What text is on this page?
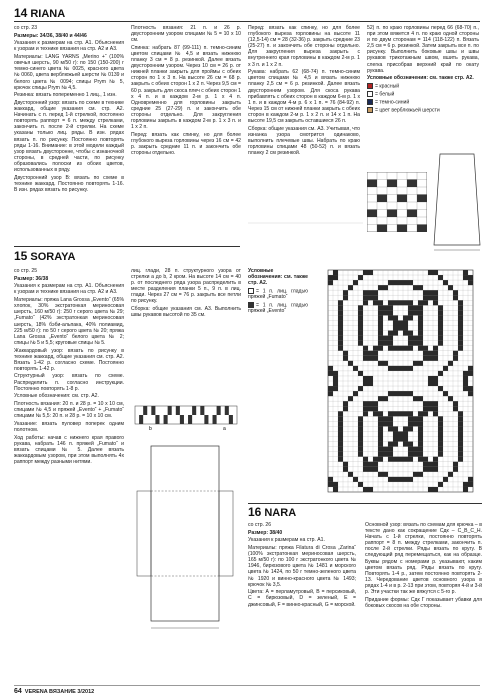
14 RIANA

со стр. 23

Размеры: 34/36, 38/40 и 44/46

Указания к размерам на стр. А1. Объяснения к узорам и технике вязания на стр. А2 и А3.

Материалы: LANG YARNS „Merino +“ (100% овечья шерсть, 90 м/50 г): по 150 (150-200) г темно-синего цвета № 0025, красного цвета № 0060, цвета верблюжьей шерсти № 0139 и белого цвета № 0094; спицы Prym № 5, крючок спицы Prym № 4,5.

Резинка: вязать попеременно 1 лиц., 1 изн.

Двусторонний узор: вязать по схеме в технике жаккард, общие указания см. стр. А2. Начинать с п. перед 1-й стрелкой, постоянно повторять раппорт = 6 п. между стрелками, закончить п. после 2-й стрелки. На схеме указаны только лиц. ряды. В изн. рядах вязать п. по рисунку. Постоянно повторять ряды 1-16. Внимание: в этой модели каждый узор вязать двусторонне, чтобы с изнаночной стороны, в средней части, по рисунку образовались полоски из обоих цветов, использованных в ряду.

Двусторонний узор В: вязать по схеме в технике жаккард. Постоянно повторять 1-16. В изн. рядах вязать по рисунку.

Плотность вязания: 21 п. и 26 р. двусторонним узором спицами № 5 = 10 х 10 см.

Спинка: набрать 87 (99-111) п. темно-синим цветом спицами № 4,5 и вязать нижнюю планку 3 см = 8 р. резинкой. Далее вязать двусторонним узором. Через 10 см = 26 р. от нижней планки закрыть для проймы с обеих сторон по 1 х 3 п. На высоте 26 см = 68 р. закрыть с обеих сторон 1 х 2 п. Через 9,5 см = 60 р. закрыть для скоса плеч с обеих сторон 1 х 4 п. и в каждом 2-м р. 1 х 4 п. Одновременно для горловины закрыть средние 25 (27-29) п. и закончить обе стороны отдельно. Для закругления горловины закрыть в каждом 2-м р. 1 х 3 п. и 1 х 2 п.

Перед: вязать как спинку, но для более глубокого выреза горловины через 16 см = 42 р. закрыть средние 11 п. и закончить обе стороны отдельно.

Перед: вязать как спинку, но для более глубокого выреза горловины на высоте 11 (12,5-14) см = 28 (32-36) р. закрыть средние 23 (25-27) п. и закончить обе стороны отдельно. Для закругления выреза закрыть с внутреннего края горловины в каждом 2-м р. 1 х 3 п. и 1 х 2 п.

Рукава: набрать 62 (68-74) п. темно-синим цветом спицами № 4,5 и вязать нижнюю планку 2,5 см = 6 р. резинкой. Далее вязать двусторонним узором. Для скоса рукава прибавлять с обеих сторон в каждом 6-м р. 1 х 1 п. и в каждом 4-м р. 6 х 1 п. = 76 (84-92) п. Через 15 см от нижней планки закрыть с обеих сторон в каждом 2-м р. 1 х 2 п. и 14 х 1 п. На высоте 19,5 см закрыть оставшиеся 26 п.

Сборка: общие указания см. А3. Учитывая, что изнанка узора смотрится одинаково, выполнить плечевые швы. Набрать по краю горловины спицами 48 (50-52) п. и вязать планку 2 см резинкой.

52) п. по краю горловины перед 66 (68-70) п., при этом вяжется 4 п. по краю одной стороны и по двум сторонам = 114 (118-122) п. Вязать 2,5 см = 6 р. резинкой. Затем закрыть все п. по рисунку. Выполнить боковые швы и швы рукавов трикотажным швом, вшить рукава, слегка присобрав верхний край по окату рукава.

Условные обозначения: см. также стр. А2.

= красный

= белый

= темно-синий

= цвет верблюжьей шерсти

15 SORAYA

со стр. 25

Размер: 36/38

Указания к размерам на стр. А1. Объяснения к узорам и технике вязания на стр. А2 и А3.

Материалы: пряжа Lana Grossa „Evento“ (65% хлопок, 30% экстратонкая мериносовая шерсть, 160 м/50 г): 250 г серого цвета № 29; „Fumato“ (42% экстратонкая мериносовая шерсть, 18% бэби-альпака, 40% полиамид, 225 м/50 г): по 50 г серого цвета № 20; пряжа Lana Grossa „Evento“ белого цвета № 2; спицы № 5 и 5,5; круговые спицы № 5.

Жаккардовый узор: вязать по рисунку в технике жаккард, общие указания см. стр. А2. Вязать 1-42 р. согласно схеме. Постоянно повторять 1-42 р.

Структурный узор: вязать по схеме. Распределить п. согласно инструкции. Постоянно повторять 1-8 р.

Условные обозначения: см. стр. А2.

Плотность вязания: 20 п. и 28 р. = 10 х 10 см, спицами № 4,5 и пряжей „Evento“ + „Fumato“ спицами № 5,5: 20 п. и 28 р. = 10 х 10 см.

Указание: вязать пуловер поперек одним полотном.

Ход работы: начав с нижнего края правого рукава, набрать 146 п. пряжей „Fumato“ и вязать спицами № 5. Далее вязать жаккардовым узором, при этом выполнять 4х раппорт между разными нитями.

лиц. глади, 28 п. структурного узора от стрелки а до b, 2 кром. На высоте 14 см = 40 р. от последнего ряда узора распределить в месте разделения планки 5 п., 9 п. в лиц. глади. Через 27 см = 76 р. закрыть все петли по рисунку.

Сборка: общие указания см. А3. Выполнить швы рукавов высотой по 35 см.

Условные обозначения: см. также стр. А2.

= 1 п. лиц. гладью пряжей „Fumato“

= 1 п. лиц. гладью пряжей „Evento“

b	a
16 NARA

со стр. 26

Размер: 38/40

Указания к размерам на стр. А1.

Материалы: пряжа Filatura di Crosa „Zarina“ (100% экстратонкая мериносовая шерсть, 165 м/50 г): по 100 г экстратонкого цвета № 1946, бирюзового цвета № 1481 и морского цвета № 1424, по 50 г темно-зеленого цвета № 1920 и винно-красного цвета № 1493; крючок № 3,5.

Цвета: А = перламутровый, В = персиковый, С = бирюзовый, D = зеленый, Е = джинсовый, F = винно-красный, G = морской.

Основной узор: вязать по схемам для крючка – в тексте дано как сокращение Сдк – С_В_С_Н. Начать с 1-й стрелки, постоянно повторять раппорт = 8 п. между стрелками, закончить п. после 2-й стрелки. Ряды вязать по кругу. В следующий ряд перемещаться, как на образце. Буквы рядом с номерами р. указывают, каким цветом вязать ряд. Ряды вязать по кругу. Повторять 1-4 р., затем постоянно повторять 2-13. Чередование цветов основного узора в рядах 1-4 и в р. 2-13 при этом, повторяя 4-й и 3-й р. Эти участки так же вяжутся с 5-го р.

Придание формы: Сдк Г показывает убавки для боковых скосов на обе стороны.

64 VERENA ВЯЗАНИЕ 3/2012
